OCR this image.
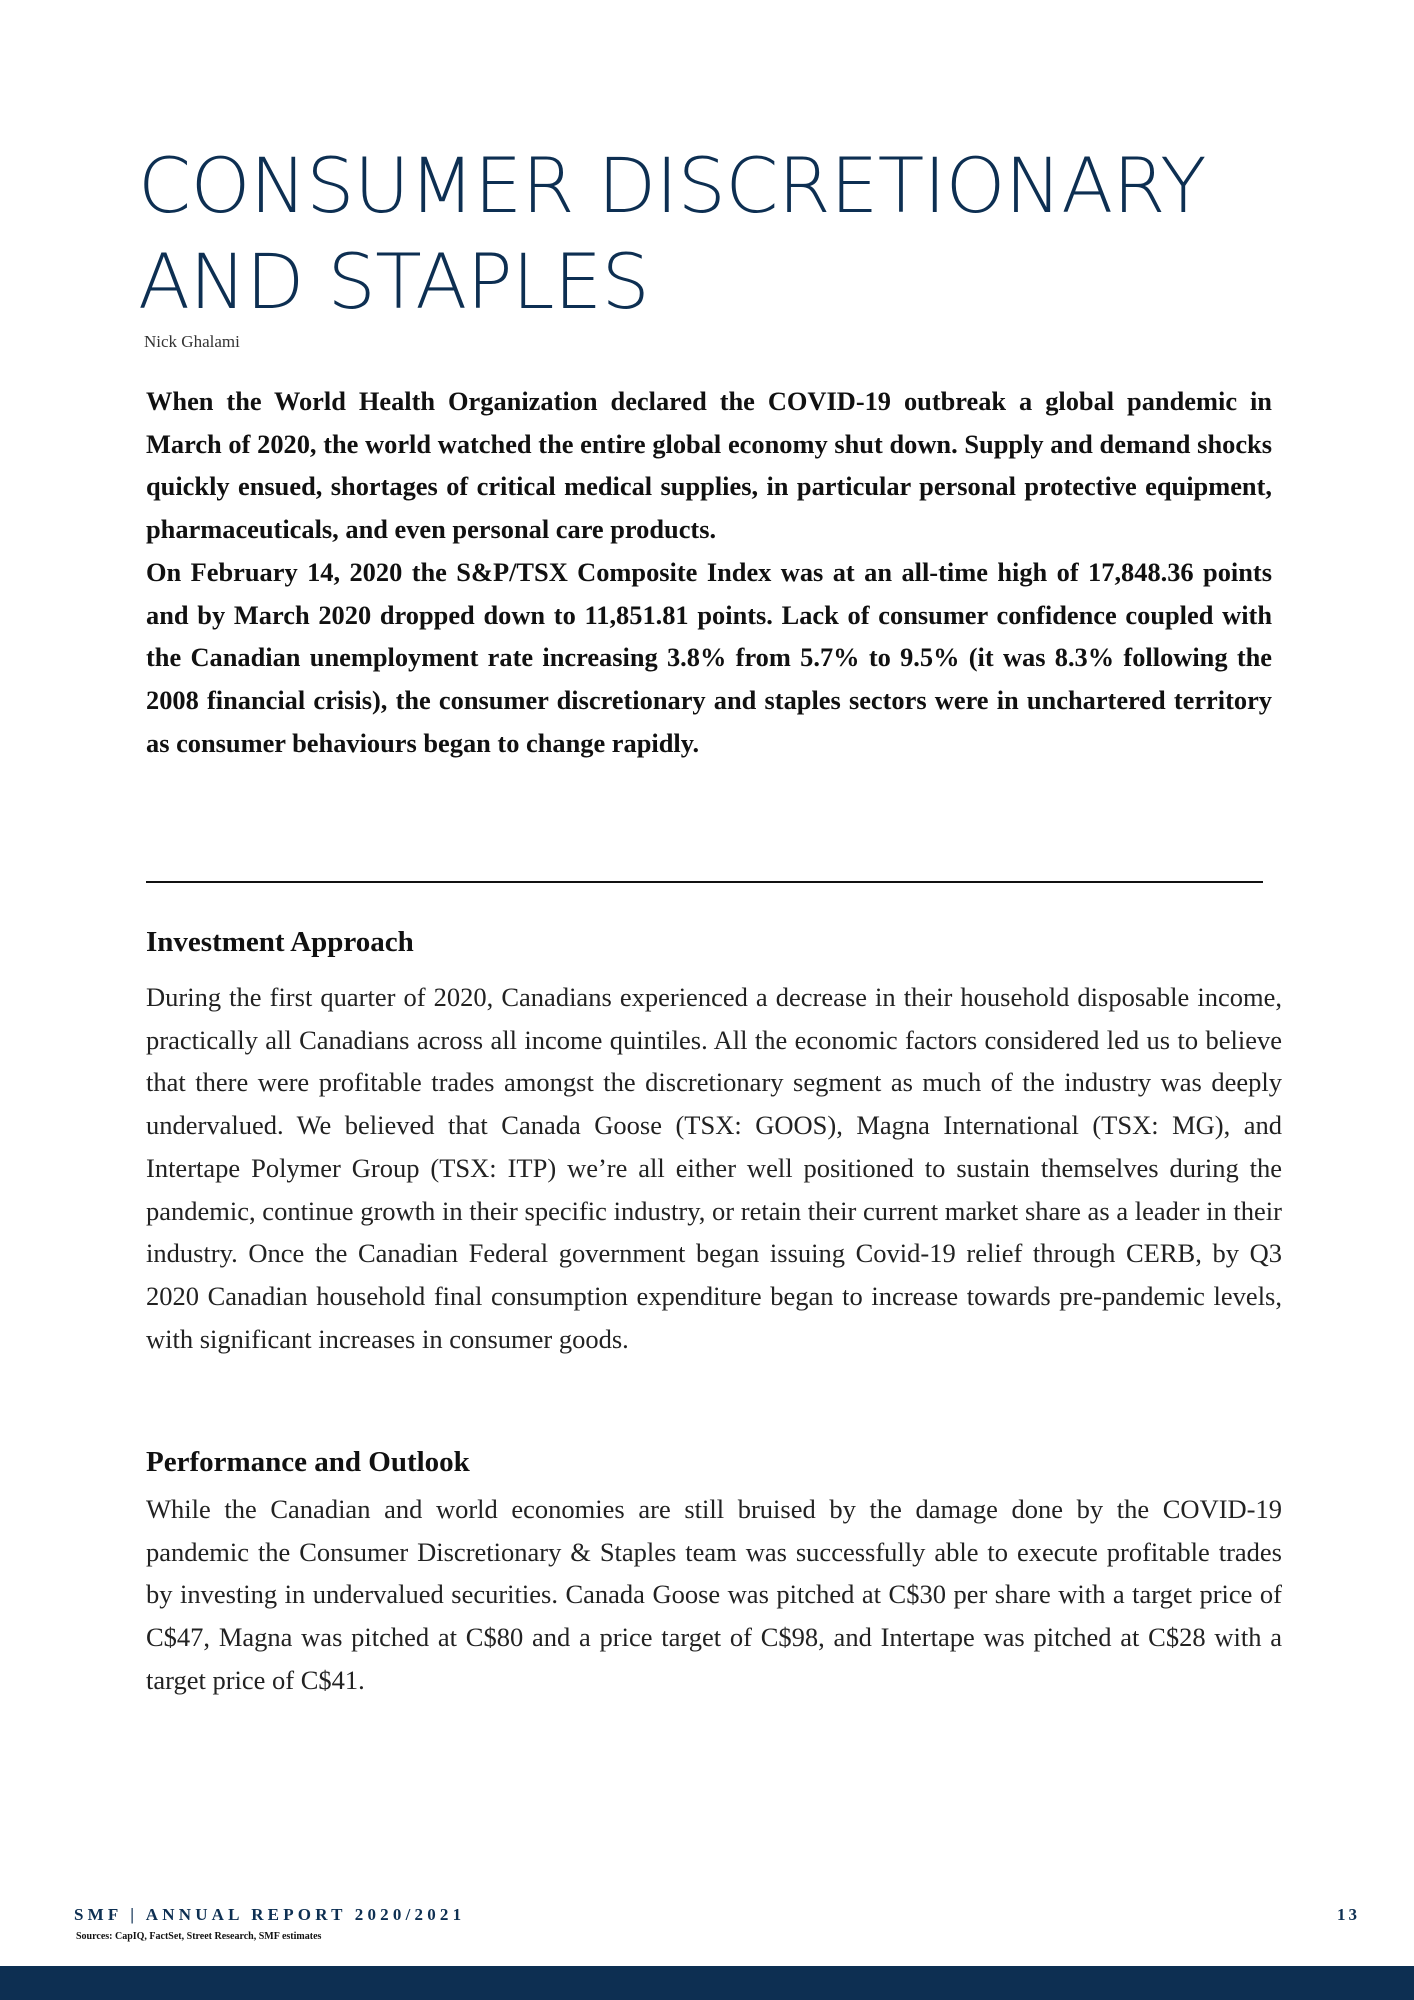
CONSUMER DISCRETIONARY
AND STAPLES
Nick Ghalami

When the World Health Organization declared the COVID-19 outbreak a global pandemic in March of 2020, the world watched the entire global economy shut down. Supply and demand shocks quickly ensued, shortages of critical medical supplies, in particular personal protective equipment, pharmaceuticals, and even personal care products.

On February 14, 2020 the S&P/TSX Composite Index was at an all-time high of 17,848.36 points and by March 2020 dropped down to 11,851.81 points. Lack of consumer confidence coupled with the Canadian unemployment rate increasing 3.8% from 5.7% to 9.5% (it was 8.3% following the 2008 financial crisis), the consumer discretionary and staples sectors were in unchartered territory as consumer behaviours began to change rapidly.

Investment Approach

During the first quarter of 2020, Canadians experienced a decrease in their household disposable income, practically all Canadians across all income quintiles. All the economic factors considered led us to believe that there were profitable trades amongst the discretionary segment as much of the industry was deeply undervalued. We believed that Canada Goose (TSX: GOOS), Magna International (TSX: MG), and Intertape Polymer Group (TSX: ITP) we’re all either well positioned to sustain themselves during the pandemic, continue growth in their specific industry, or retain their current market share as a leader in their industry. Once the Canadian Federal government began issuing Covid-19 relief through CERB, by Q3 2020 Canadian household final consumption expenditure began to increase towards pre-pandemic levels, with significant increases in consumer goods.

Performance and Outlook

While the Canadian and world economies are still bruised by the damage done by the COVID-19 pandemic the Consumer Discretionary & Staples team was successfully able to execute profitable trades by investing in undervalued securities. Canada Goose was pitched at C$30 per share with a target price of C$47, Magna was pitched at C$80 and a price target of C$98, and Intertape was pitched at C$28 with a target price of C$41.

SMF | ANNUAL REPORT 2020/2021
Sources: CapIQ, FactSet, Street Research, SMF estimates
13
